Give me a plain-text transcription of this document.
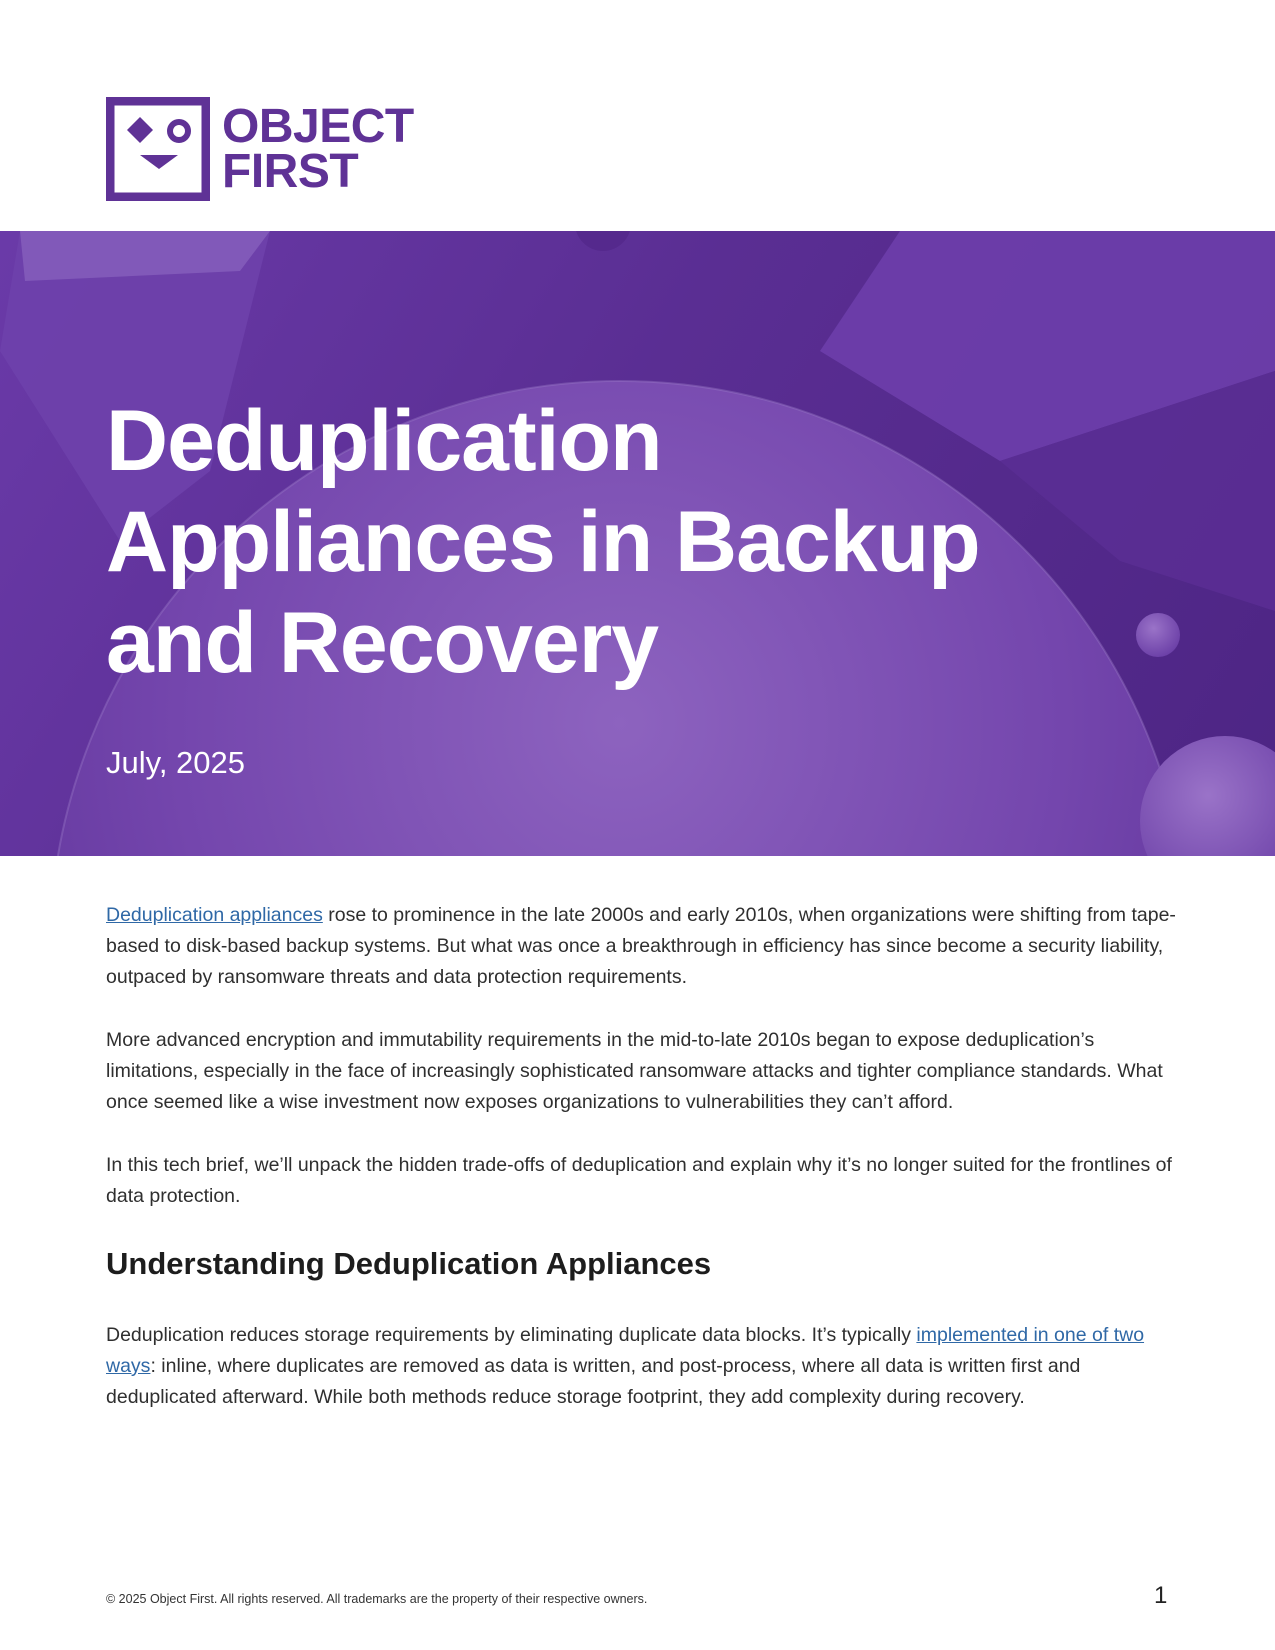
OBJECT
FIRST
Deduplication Appliances in Backup and Recovery

July, 2025

Deduplication appliances rose to prominence in the late 2000s and early 2010s, when organizations were shifting from tape-based to disk-based backup systems. But what was once a breakthrough in efficiency has since become a security liability, outpaced by ransomware threats and data protection requirements.

More advanced encryption and immutability requirements in the mid-to-late 2010s began to expose deduplication’s limitations, especially in the face of increasingly sophisticated ransomware attacks and tighter compliance standards. What once seemed like a wise investment now exposes organizations to vulnerabilities they can’t afford.

In this tech brief, we’ll unpack the hidden trade-offs of deduplication and explain why it’s no longer suited for the frontlines of data protection.

Understanding Deduplication Appliances

Deduplication reduces storage requirements by eliminating duplicate data blocks. It’s typically implemented in one of two ways: inline, where duplicates are removed as data is written, and post-process, where all data is written first and deduplicated afterward. While both methods reduce storage footprint, they add complexity during recovery.

© 2025 Object First. All rights reserved. All trademarks are the property of their respective owners.	1
